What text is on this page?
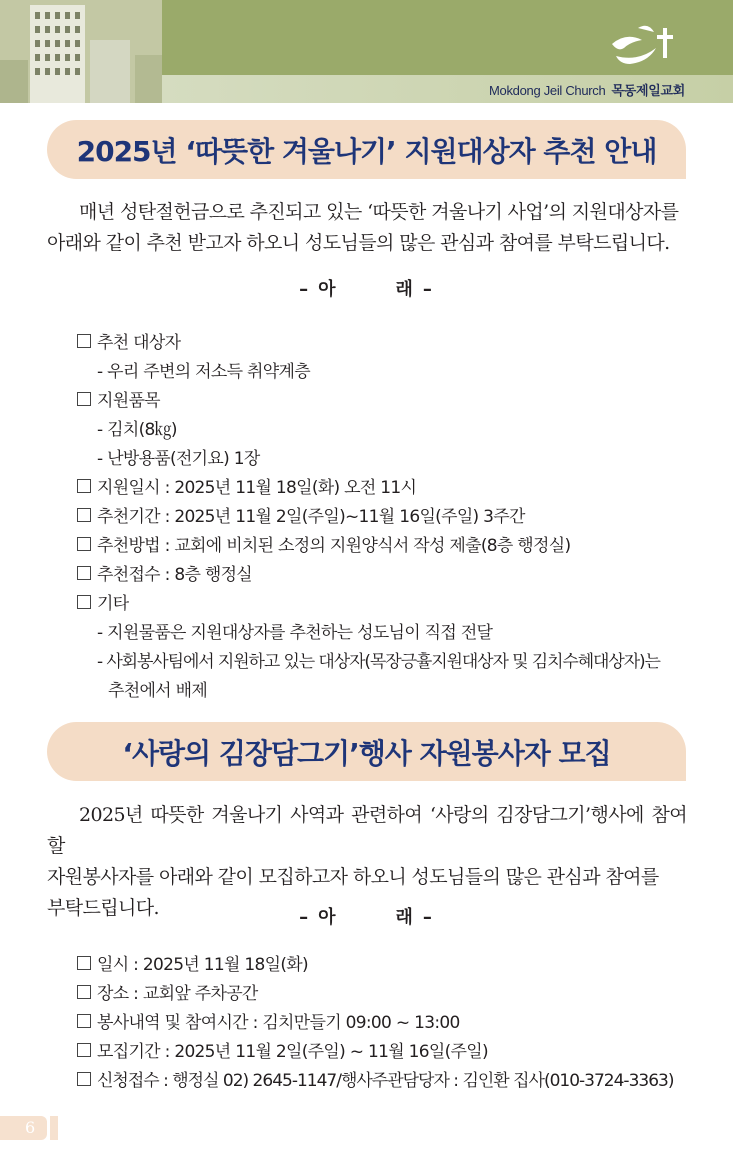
Mokdong Jeil Church 목동제일교회
2025년 ‘따뜻한 겨울나기’ 지원대상자 추천 안내
매년 성탄절헌금으로 추진되고 있는 ‘따뜻한 겨울나기 사업’의 지원대상자를
아래와 같이 추천 받고자 하오니 성도님들의 많은 관심과 참여를 부탁드립니다.
– 아	래 –
추천 대상자
- 우리 주변의 저소득 취약계층
지원품목
- 김치(8㎏)
- 난방용품(전기요) 1장
지원일시 : 2025년 11월 18일(화) 오전 11시
추천기간 : 2025년 11월 2일(주일)~11월 16일(주일) 3주간
추천방법 : 교회에 비치된 소정의 지원양식서 작성 제출(8층 행정실)
추천접수 : 8층 행정실
기타
- 지원물품은 지원대상자를 추천하는 성도님이 직접 전달
- 사회봉사팀에서 지원하고 있는 대상자(목장긍휼지원대상자 및 김치수혜대상자)는
추천에서 배제
‘사랑의 김장담그기’행사 자원봉사자 모집
2025년 따뜻한 겨울나기 사역과 관련하여 ‘사랑의 김장담그기’행사에 참여할
자원봉사자를 아래와 같이 모집하고자 하오니 성도님들의 많은 관심과 참여를
부탁드립니다.	– 아	래 –
일시 : 2025년 11월 18일(화)
장소 : 교회앞 주차공간
봉사내역 및 참여시간 : 김치만들기 09:00 ~ 13:00
모집기간 : 2025년 11월 2일(주일) ~ 11월 16일(주일)
신청접수 : 행정실 02) 2645-1147/행사주관담당자 : 김인환 집사(010-3724-3363)
6
